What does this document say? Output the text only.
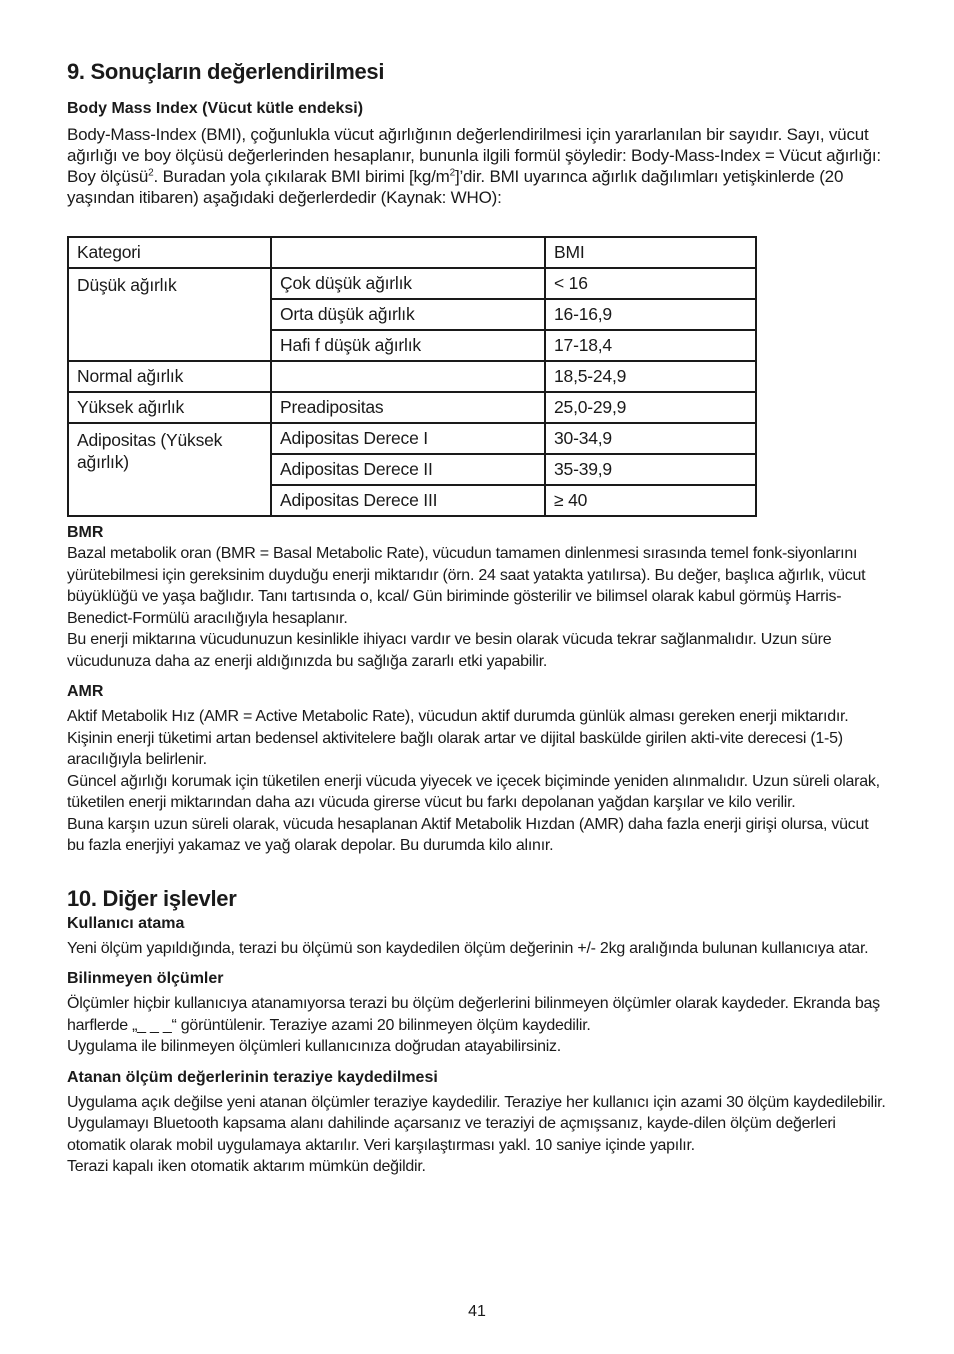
9. Sonuçların değerlendirilmesi
Body Mass Index (Vücut kütle endeksi)

Body-Mass-Index (BMI), çoğunlukla vücut ağırlığının değerlendirilmesi için yararlanılan bir sayıdır. Sayı, vücut ağırlığı ve boy ölçüsü değerlerinden hesaplanır, bununla ilgili formül şöyledir: Body-Mass-Index = Vücut ağırlığı: Boy ölçüsü$^2$. Buradan yola çıkılarak BMI birimi $[kg/m^2]’dir$. BMI uyarınca ağırlık dağılımları yetişkinlerde (20 yaşından itibaren) aşağıdaki değerlerdedir (Kaynak: WHO):

Kategori		BMI
Düşük ağırlık	Çok düşük ağırlık	< 16
	Orta düşük ağırlık	16-16,9
	Hafi f düşük ağırlık	17-18,4
Normal ağırlık		18,5-24,9
Yüksek ağırlık	Preadipositas	25,0-29,9
Adipositas (Yüksek ağırlık)	Adipositas Derece I	30-34,9
	Adipositas Derece II	35-39,9
	Adipositas Derece III	≥ 40
BMR

Bazal metabolik oran (BMR = Basal Metabolic Rate), vücudun tamamen dinlenmesi sırasında temel fonk-siyonlarını yürütebilmesi için gereksinim duyduğu enerji miktarıdır (örn. 24 saat yatakta yatılırsa). Bu değer, başlıca ağırlık, vücut büyüklüğü ve yaşa bağlıdır. Tanı tartısında o, kcal/ Gün biriminde gösterilir ve bilimsel olarak kabul görmüş Harris-Benedict-Formülü aracılığıyla hesaplanır.

Bu enerji miktarına vücudunuzun kesinlikle ihiyacı vardır ve besin olarak vücuda tekrar sağlanmalıdır. Uzun süre vücudunuza daha az enerji aldığınızda bu sağlığa zararlı etki yapabilir.

AMR

Aktif Metabolik Hız (AMR = Active Metabolic Rate), vücudun aktif durumda günlük alması gereken enerji miktarıdır. Kişinin enerji tüketimi artan bedensel aktivitelere bağlı olarak artar ve dijital baskülde girilen akti-vite derecesi (1-5) aracılığıyla belirlenir.

Güncel ağırlığı korumak için tüketilen enerji vücuda yiyecek ve içecek biçiminde yeniden alınmalıdır. Uzun süreli olarak, tüketilen enerji miktarından daha azı vücuda girerse vücut bu farkı depolanan yağdan karşılar ve kilo verilir.

Buna karşın uzun süreli olarak, vücuda hesaplanan Aktif Metabolik Hızdan (AMR) daha fazla enerji girişi olursa, vücut bu fazla enerjiyi yakamaz ve yağ olarak depolar. Bu durumda kilo alınır.

10. Diğer işlevler
Kullanıcı atama

Yeni ölçüm yapıldığında, terazi bu ölçümü son kaydedilen ölçüm değerinin +/- 2kg aralığında bulunan kullanıcıya atar.

Bilinmeyen ölçümler

Ölçümler hiçbir kullanıcıya atanamıyorsa terazi bu ölçüm değerlerini bilinmeyen ölçümler olarak kaydeder. Ekranda baş harflerde „_ _ _“ görüntülenir. Teraziye azami 20 bilinmeyen ölçüm kaydedilir.

Uygulama ile bilinmeyen ölçümleri kullanıcınıza doğrudan atayabilirsiniz.

Atanan ölçüm değerlerinin teraziye kaydedilmesi

Uygulama açık değilse yeni atanan ölçümler teraziye kaydedilir. Teraziye her kullanıcı için azami 30 ölçüm kaydedilebilir. Uygulamayı Bluetooth kapsama alanı dahilinde açarsanız ve teraziyi de açmışsanız, kayde-dilen ölçüm değerleri otomatik olarak mobil uygulamaya aktarılır. Veri karşılaştırması yakl. 10 saniye içinde yapılır.

Terazi kapalı iken otomatik aktarım mümkün değildir.

41
